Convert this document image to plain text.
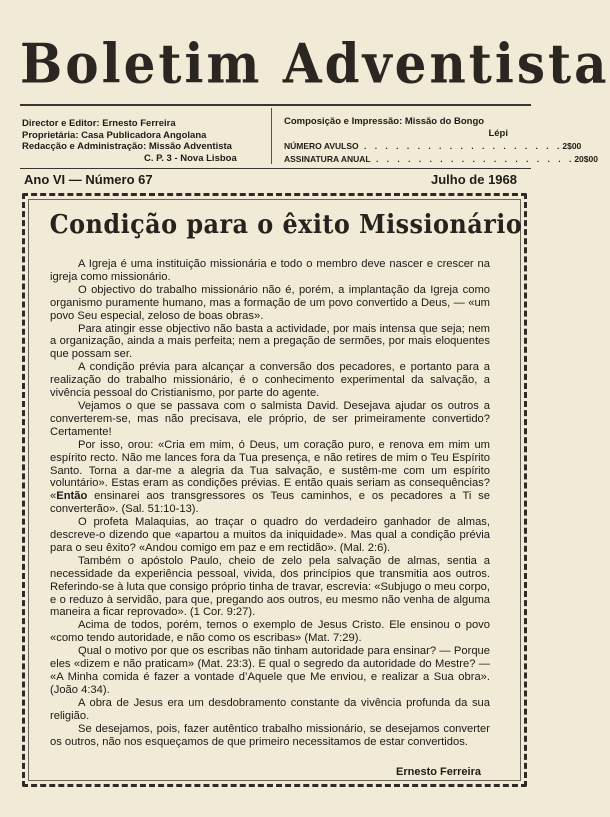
Boletim Adventista
Director e Editor: Ernesto Ferreira
Proprietária: Casa Publicadora Angolana
Redacção e Administração: Missão Adventista
C. P. 3 - Nova Lisboa
Composição e Impressão: Missão do Bongo
Lépi
NÚMERO AVULSO . . . . . . . . . . . . . . . . . . . 2$00
ASSINATURA ANUAL . . . . . . . . . . . . . . . . . . . 20$00
Ano VI — Número 67	Julho de 1968
Condição para o êxito Missionário

A Igreja é uma instituição missionária e todo o membro deve nascer e crescer na igreja como missionário.

O objectivo do trabalho missionário não é, porém, a implantação da Igreja como organismo puramente humano, mas a formação de um povo convertido a Deus, — «um povo Seu especial, zeloso de boas obras».

Para atingir esse objectivo não basta a actividade, por mais intensa que seja; nem a organização, ainda a mais perfeita; nem a pregação de sermões, por mais eloquentes que possam ser.

A condição prévia para alcançar a conversão dos pecadores, e portanto para a realização do trabalho missionário, é o conhecimento experimental da salvação, a vivência pessoal do Cristianismo, por parte do agente.

Vejamos o que se passava com o salmista David. Desejava ajudar os outros a converterem-se, mas não precisava, ele próprio, de ser primeiramente convertido? Certamente!

Por isso, orou: «Cria em mim, ó Deus, um coração puro, e renova em mim um espírito recto. Não me lances fora da Tua presença, e não retires de mim o Teu Espírito Santo. Torna a dar-me a alegria da Tua salvação, e sustêm-me com um espírito voluntário». Estas eram as condições prévias. E então quais seriam as consequências? «Então ensinarei aos transgressores os Teus caminhos, e os pecadores a Ti se converterão». (Sal. 51:10-13).

O profeta Malaquias, ao traçar o quadro do verdadeiro ganhador de almas, descreve-o dizendo que «apartou a muitos da iniquidade». Mas qual a condição prévia para o seu êxito? «Andou comigo em paz e em rectidão». (Mal. 2:6).

Também o apóstolo Paulo, cheio de zelo pela salvação de almas, sentia a necessidade da experiência pessoal, vivida, dos princípios que transmitia aos outros. Referindo-se à luta que consigo próprio tinha de travar, escrevia: «Subjugo o meu corpo, e o reduzo à servidão, para que, pregando aos outros, eu mesmo não venha de alguma maneira a ficar reprovado». (1 Cor. 9:27).

Acima de todos, porém, temos o exemplo de Jesus Cristo. Ele ensinou o povo «como tendo autoridade, e não como os escribas» (Mat. 7:29).

Qual o motivo por que os escribas não tinham autoridade para ensinar? — Porque eles «dizem e não praticam» (Mat. 23:3). E qual o segredo da autoridade do Mestre? — «A Minha comida é fazer a vontade d’Aquele que Me enviou, e realizar a Sua obra». (João 4:34).

A obra de Jesus era um desdobramento constante da vivência profunda da sua religião.

Se desejamos, pois, fazer autêntico trabalho missionário, se desejamos converter os outros, não nos esqueçamos de que primeiro necessitamos de estar convertidos.

Ernesto Ferreira
